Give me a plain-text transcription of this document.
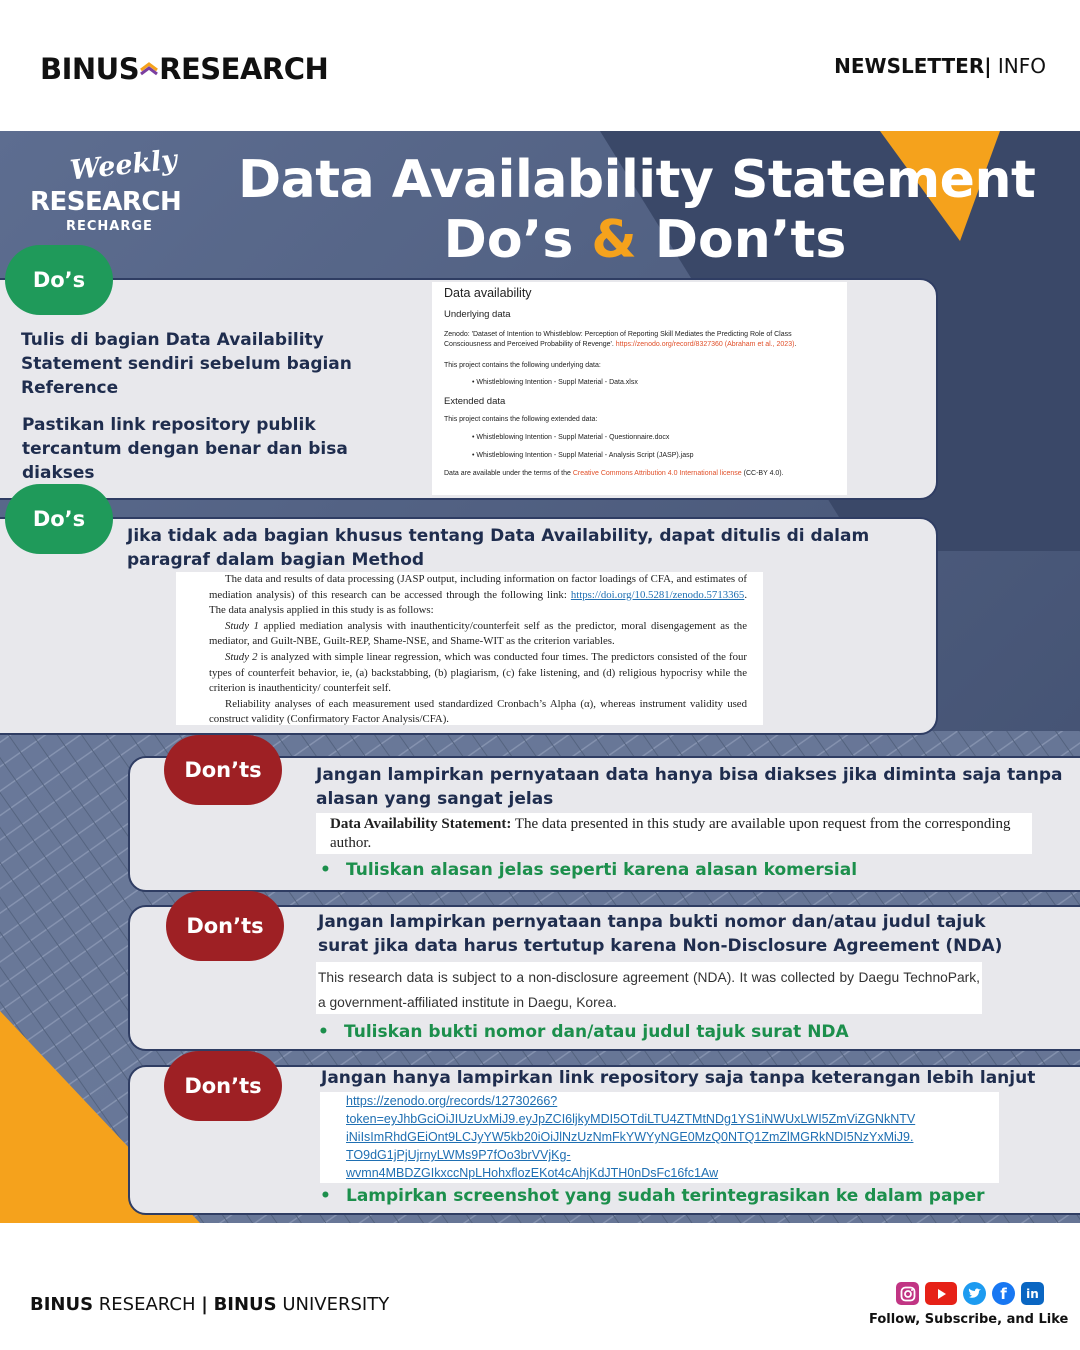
BINUS RESEARCH	NEWSLETTER| INFO
Weekly
RESEARCH
RECHARGE
Data Availability Statement
Do’s & Don’ts
Do’s
Tulis di bagian Data Availability Statement sendiri sebelum bagian Reference
Pastikan link repository publik tercantum dengan benar dan bisa diakses
Data availability
Underlying data
Zenodo: 'Dataset of Intention to Whistleblow: Perception of Reporting Skill Mediates the Predicting Role of Class Consciousness and Perceived Probability of Revenge'. https://zenodo.org/record/8327360 (Abraham et al., 2023).
This project contains the following underlying data:
• Whistleblowing Intention - Suppl Material - Data.xlsx
Extended data
This project contains the following extended data:
• Whistleblowing Intention - Suppl Material - Questionnaire.docx
• Whistleblowing Intention - Suppl Material - Analysis Script (JASP).jasp
Data are available under the terms of the Creative Commons Attribution 4.0 International license (CC-BY 4.0).
Do’s
Jika tidak ada bagian khusus tentang Data Availability, dapat ditulis di dalam paragraf dalam bagian Method
The data and results of data processing (JASP output, including information on factor loadings of CFA, and estimates of mediation analysis) of this research can be accessed through the following link: https://doi.org/10.5281/zenodo.5713365. The data analysis applied in this study is as follows:
Study 1 applied mediation analysis with inauthenticity/counterfeit self as the predictor, moral disengagement as the mediator, and Guilt-NBE, Guilt-REP, Shame-NSE, and Shame-WIT as the criterion variables.
Study 2 is analyzed with simple linear regression, which was conducted four times. The predictors consisted of the four types of counterfeit behavior, ie, (a) backstabbing, (b) plagiarism, (c) fake listening, and (d) religious hypocrisy while the criterion is inauthenticity/ counterfeit self.
Reliability analyses of each measurement used standardized Cronbach’s Alpha (α), whereas instrument validity used construct validity (Confirmatory Factor Analysis/CFA).
Don’ts	Jangan lampirkan pernyataan data hanya bisa diakses jika diminta saja tanpa alasan yang sangat jelas
Data Availability Statement: The data presented in this study are available upon request from the corresponding author.
• Tuliskan alasan jelas seperti karena alasan komersial
Don’ts	Jangan lampirkan pernyataan tanpa bukti nomor dan/atau judul tajuk surat jika data harus tertutup karena Non-Disclosure Agreement (NDA)
This research data is subject to a non-disclosure agreement (NDA). It was collected by Daegu TechnoPark, a government-affiliated institute in Daegu, Korea.
• Tuliskan bukti nomor dan/atau judul tajuk surat NDA
Don’ts	Jangan hanya lampirkan link repository saja tanpa keterangan lebih lanjut
https://zenodo.org/records/12730266?
token=eyJhbGciOiJIUzUxMiJ9.eyJpZCI6ljkyMDI5OTdiLTU4ZTMtNDg1YS1iNWUxLWI5ZmViZGNkNTV
iNiIsImRhdGEiOnt9LCJyYW5kb20iOiJlNzUzNmFkYWYyNGE0MzQ0NTQ1ZmZlMGRkNDI5NzYxMiJ9.
TO9dG1jPjUjrnyLWMs9P7fOo3brVVjKg-
wvmn4MBDZGIkxccNpLHohxflozEKot4cAhjKdJTH0nDsFc16fc1Aw
• Lampirkan screenshot yang sudah terintegrasikan ke dalam paper
BINUS RESEARCH | BINUS UNIVERSITY
f	in
Follow, Subscribe, and Like
